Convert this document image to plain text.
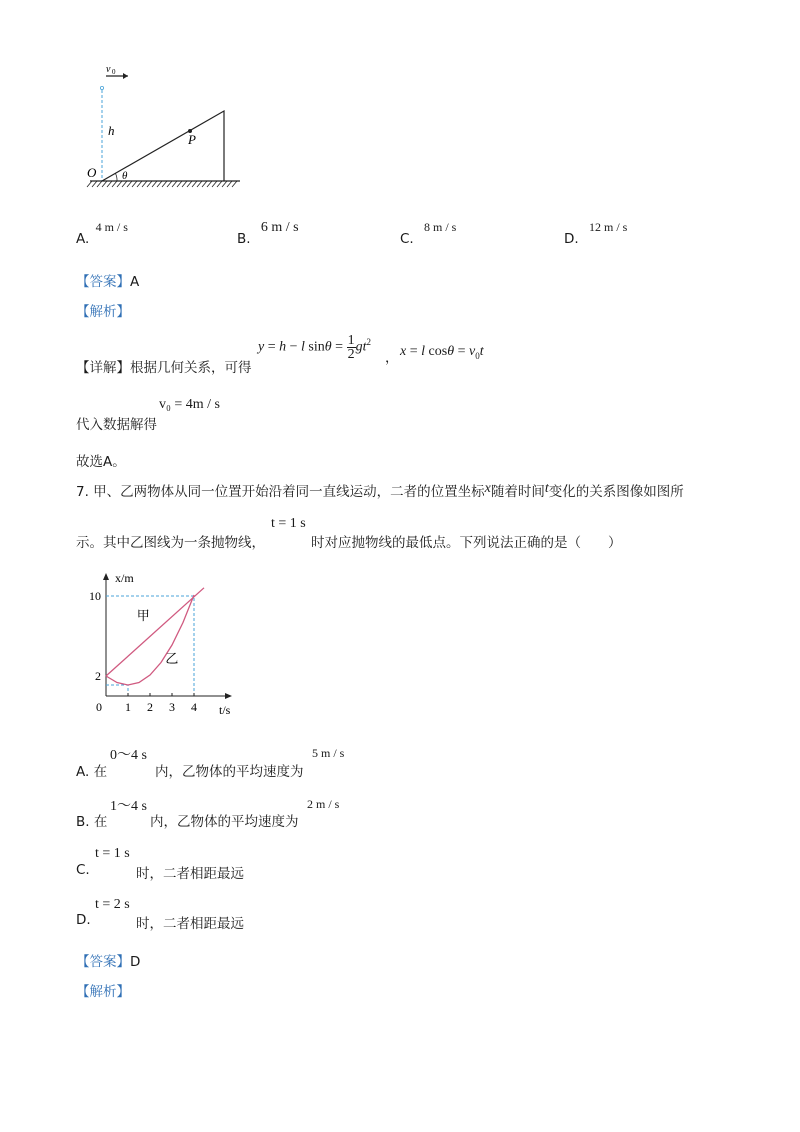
v 0
h
P
O θ
A. 4 m / s
B. 6 m / s
C. 8 m / s
D. 12 m / s
【答案】A
【解析】
【详解】根据几何关系，可得
y = h − l $\sin\theta = \frac{1}{2} gt^2$
， x = l $\cos\theta = v_0t$
代入数据解得
v₀ = 4m / s
故选A。
7. 甲、乙两物体从同一位置开始沿着同一直线运动，二者的位置坐标x随着时间t变化的关系图像如图所
示。其中乙图线为一条抛物线，
t = 1 s
时对应抛物线的最低点。下列说法正确的是（　　）
x/m
t/s
0 1 2 3 4
2
10
甲
乙
A. 在
0～4 s
内，乙物体的平均速度为
5 m / s
B. 在
1～4 s
内，乙物体的平均速度为
2 m / s
C.
t = 1 s
时，二者相距最远
D.
t = 2 s
时，二者相距最远
【答案】D
【解析】
